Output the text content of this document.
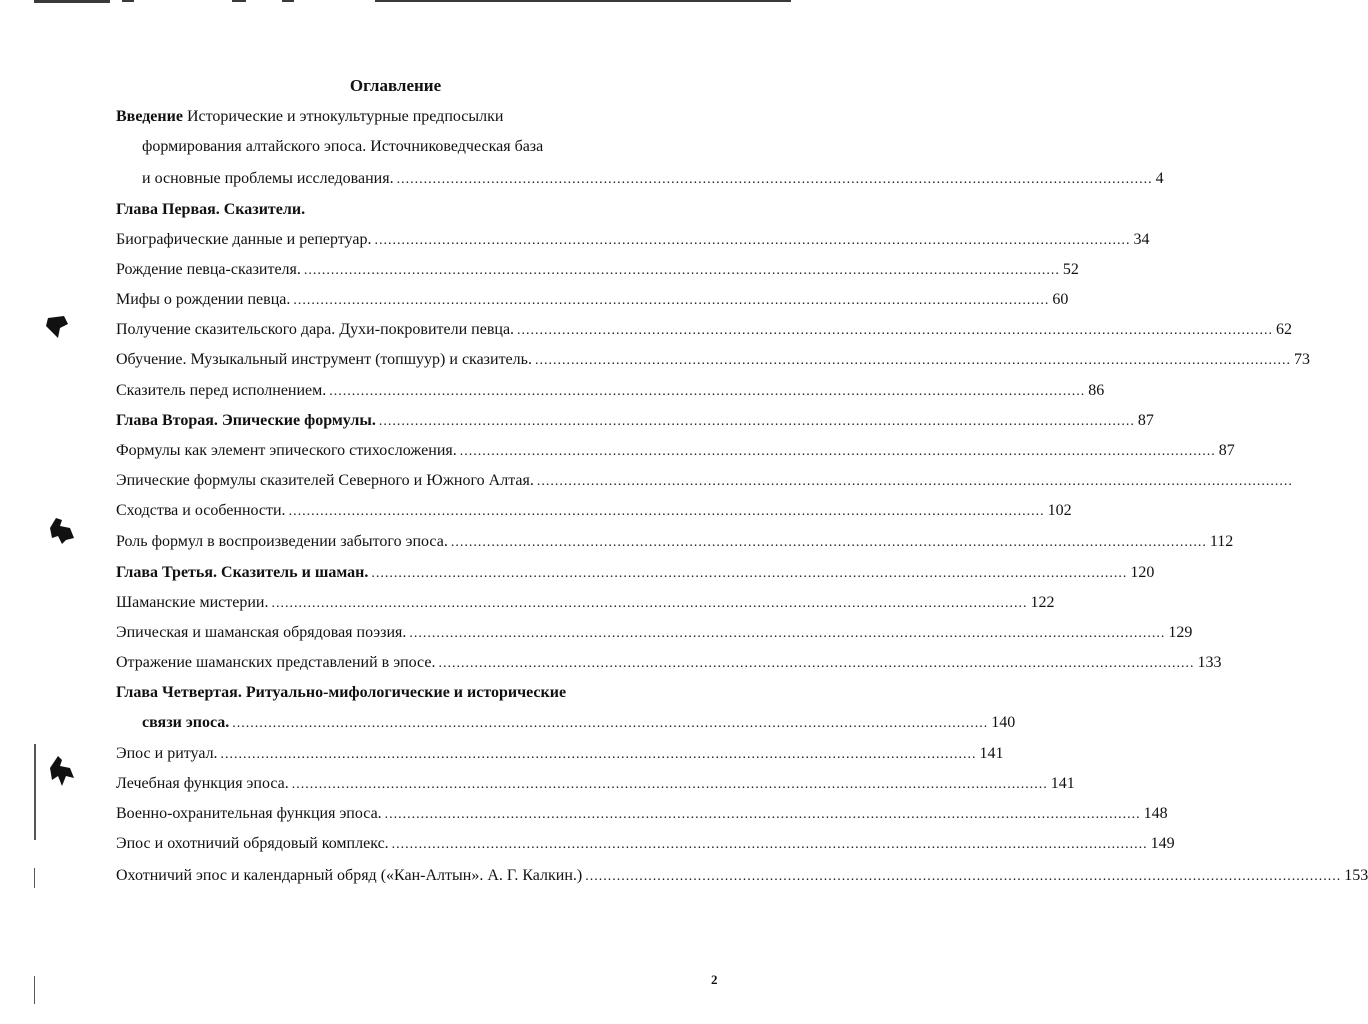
Оглавление
Введение Исторические и этнокультурные предпосылки
формирования алтайского эпоса. Источниковедческая база
и основные проблемы исследования. ........................................................................................................................................................................ 4
Глава Первая. Сказители.
Биографические данные и репертуар. ........................................................................................................................................................................ 34
Рождение певца-сказителя. ........................................................................................................................................................................ 52
Мифы о рождении певца. ........................................................................................................................................................................ 60
Получение сказительского дара. Духи-покровители певца. ........................................................................................................................................................................ 62
Обучение. Музыкальный инструмент (топшуур) и сказитель. ........................................................................................................................................................................ 73
Сказитель перед исполнением. ........................................................................................................................................................................ 86
Глава Вторая. Эпические формулы. ........................................................................................................................................................................ 87
Формулы как элемент эпического стихосложения. ........................................................................................................................................................................ 87
Эпические формулы сказителей Северного и Южного Алтая. ........................................................................................................................................................................
Сходства и особенности. ........................................................................................................................................................................ 102
Роль формул в воспроизведении забытого эпоса. ........................................................................................................................................................................ 112
Глава Третья. Сказитель и шаман. ........................................................................................................................................................................ 120
Шаманские мистерии. ........................................................................................................................................................................ 122
Эпическая и шаманская обрядовая поэзия. ........................................................................................................................................................................ 129
Отражение шаманских представлений в эпосе. ........................................................................................................................................................................ 133
Глава Четвертая. Ритуально-мифологические и исторические
связи эпоса. ........................................................................................................................................................................ 140
Эпос и ритуал. ........................................................................................................................................................................ 141
Лечебная функция эпоса. ........................................................................................................................................................................ 141
Военно-охранительная функция эпоса. ........................................................................................................................................................................ 148
Эпос и охотничий обрядовый комплекс. ........................................................................................................................................................................ 149
Охотничий эпос и календарный обряд («Кан-Алтын». А. Г. Калкин.) ........................................................................................................................................................................ 153
2
